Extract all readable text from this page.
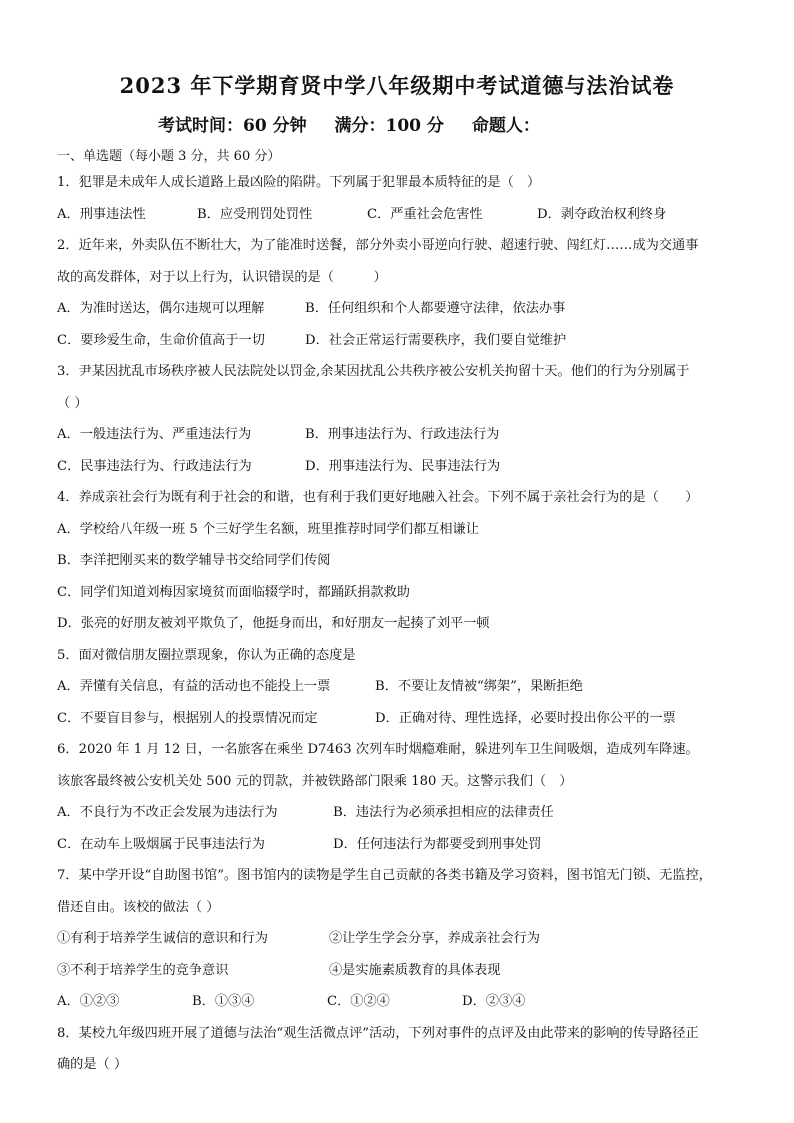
2023 年下学期育贤中学八年级期中考试道德与法治试卷
考试时间：60 分钟 满分：100 分 命题人：
一、单选题（每小题 3 分，共 60 分）
1．犯罪是未成年人成长道路上最凶险的陷阱。下列属于犯罪最本质特征的是（　）
A．刑事违法性	B．应受刑罚处罚性	C．严重社会危害性	D．剥夺政治权利终身
2．近年来，外卖队伍不断壮大，为了能准时送餐，部分外卖小哥逆向行驶、超速行驶、闯红灯……成为交通事
故的高发群体，对于以上行为，认识错误的是（　　　）
A．为准时送达，偶尔违规可以理解	B．任何组织和个人都要遵守法律，依法办事
C．要珍爱生命，生命价值高于一切	D．社会正常运行需要秩序，我们要自觉维护
3．尹某因扰乱市场秩序被人民法院处以罚金,余某因扰乱公共秩序被公安机关拘留十天。他们的行为分别属于
（ ）
A．一般违法行为、严重违法行为	B．刑事违法行为、行政违法行为
C．民事违法行为、行政违法行为	D．刑事违法行为、民事违法行为
4．养成亲社会行为既有利于社会的和谐，也有利于我们更好地融入社会。下列不属于亲社会行为的是（　　）
A．学校给八年级一班 5 个三好学生名额，班里推荐时同学们都互相谦让
B．李洋把刚买来的数学辅导书交给同学们传阅
C．同学们知道刘梅因家境贫而面临辍学时，都踊跃捐款救助
D．张亮的好朋友被刘平欺负了，他挺身而出，和好朋友一起揍了刘平一顿
5．面对微信朋友圈拉票现象，你认为正确的态度是
A．弄懂有关信息，有益的活动也不能投上一票	B．不要让友情被“绑架”，果断拒绝
C．不要盲目参与，根据别人的投票情况而定	D．正确对待、理性选择，必要时投出你公平的一票
6．2020 年 1 月 12 日，一名旅客在乘坐 D7463 次列车时烟瘾难耐，躲进列车卫生间吸烟，造成列车降速。
该旅客最终被公安机关处 500 元的罚款，并被铁路部门限乘 180 天。这警示我们（　）
A．不良行为不改正会发展为违法行为	B．违法行为必须承担相应的法律责任
C．在动车上吸烟属于民事违法行为	D．任何违法行为都要受到刑事处罚
7．某中学开设“自助图书馆”。图书馆内的读物是学生自己贡献的各类书籍及学习资料，图书馆无门锁、无监控，
借还自由。该校的做法（ ）
①有利于培养学生诚信的意识和行为	②让学生学会分享，养成亲社会行为
③不利于培养学生的竞争意识	④是实施素质教育的具体表现
A．①②③	B．①③④	C．①②④	D．②③④
8．某校九年级四班开展了道德与法治“观生活微点评”活动，下列对事件的点评及由此带来的影响的传导路径正
确的是（ ）
